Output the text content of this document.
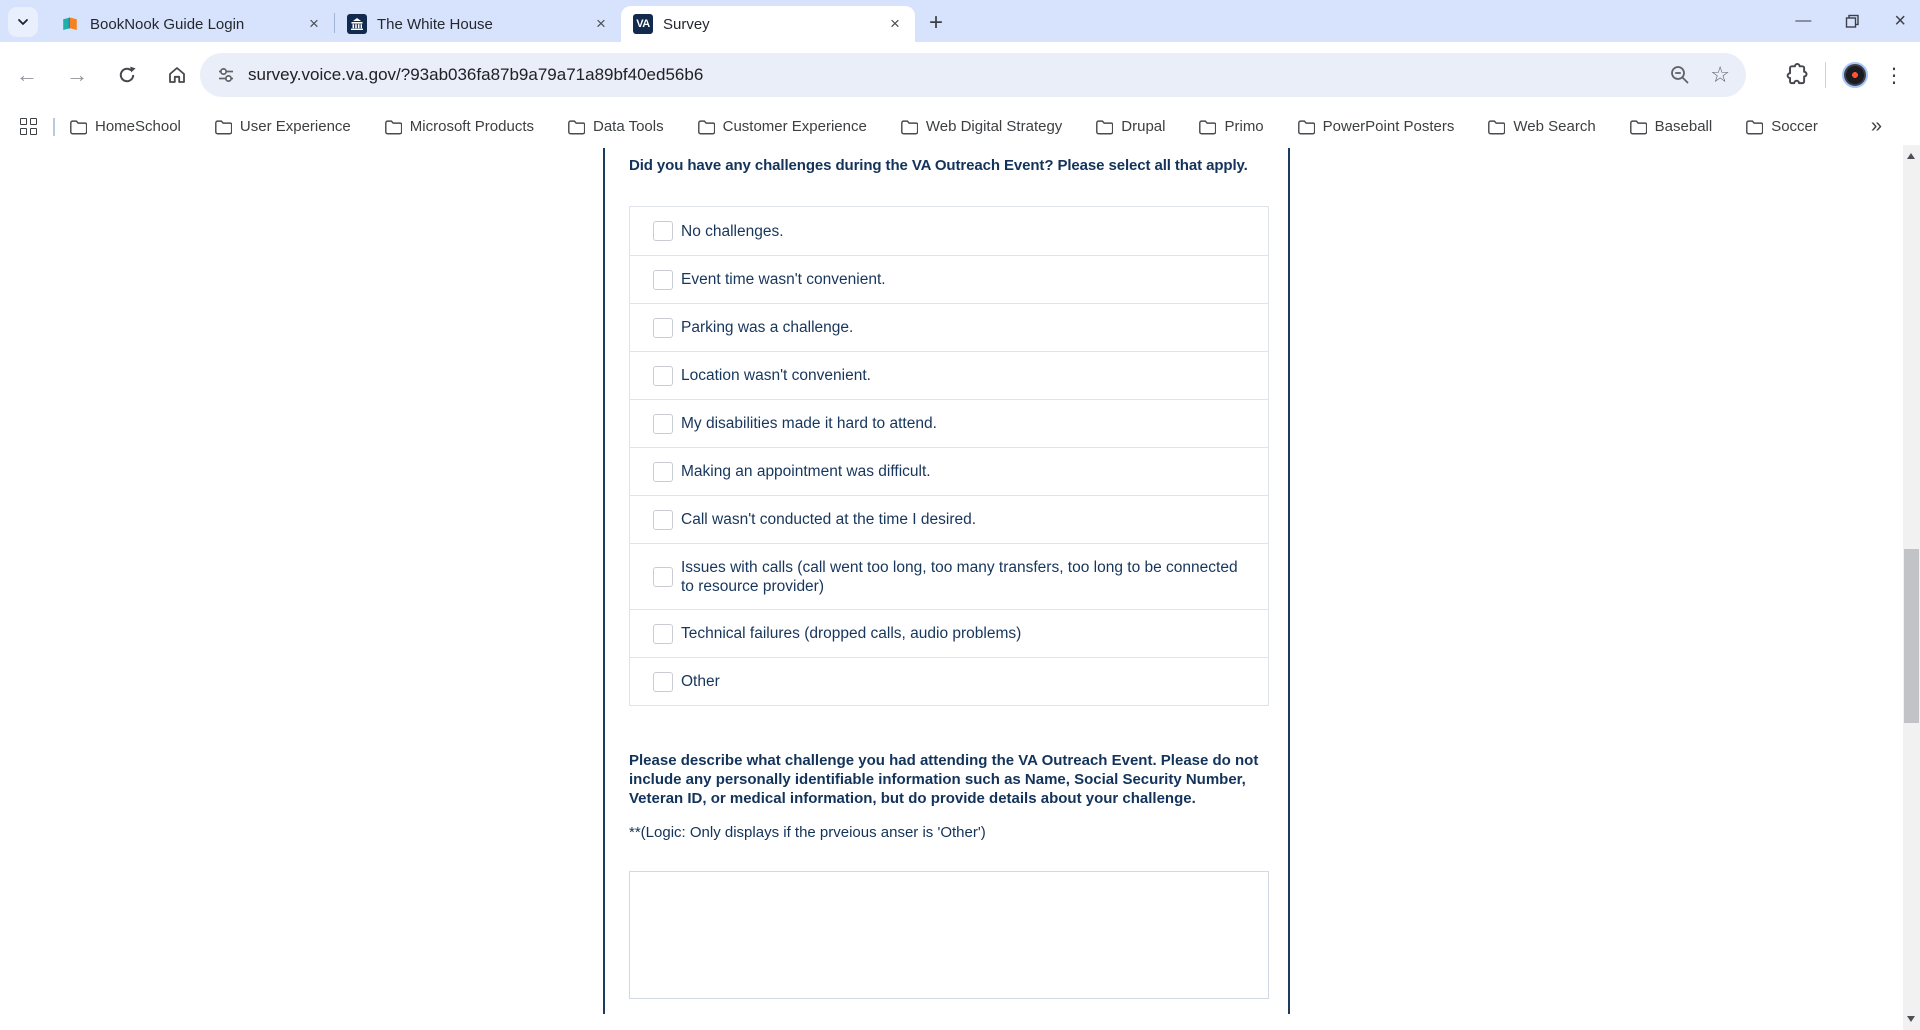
BookNook Guide Login	×	The White House	×	VA Survey	× +	—	×
← →	survey.voice.va.gov/?93ab036fa87b9a79a71a89bf40ed56b6	☆	⋮
HomeSchool	User Experience	Microsoft Products	Data Tools	Customer Experience	Web Digital Strategy	Drupal	Primo	PowerPoint Posters	Web Search	Baseball	Soccer	»
Did you have any challenges during the VA Outreach Event? Please select all that apply.
No challenges.
Event time wasn't convenient.
Parking was a challenge.
Location wasn't convenient.
My disabilities made it hard to attend.
Making an appointment was difficult.
Call wasn't conducted at the time I desired.
Issues with calls (call went too long, too many transfers, too long to be connected to resource provider)
Technical failures (dropped calls, audio problems)
Other
Please describe what challenge you had attending the VA Outreach Event. Please do not include any personally identifiable information such as Name, Social Security Number, Veteran ID, or medical information, but do provide details about your challenge.
**(Logic: Only displays if the prveious anser is 'Other')
